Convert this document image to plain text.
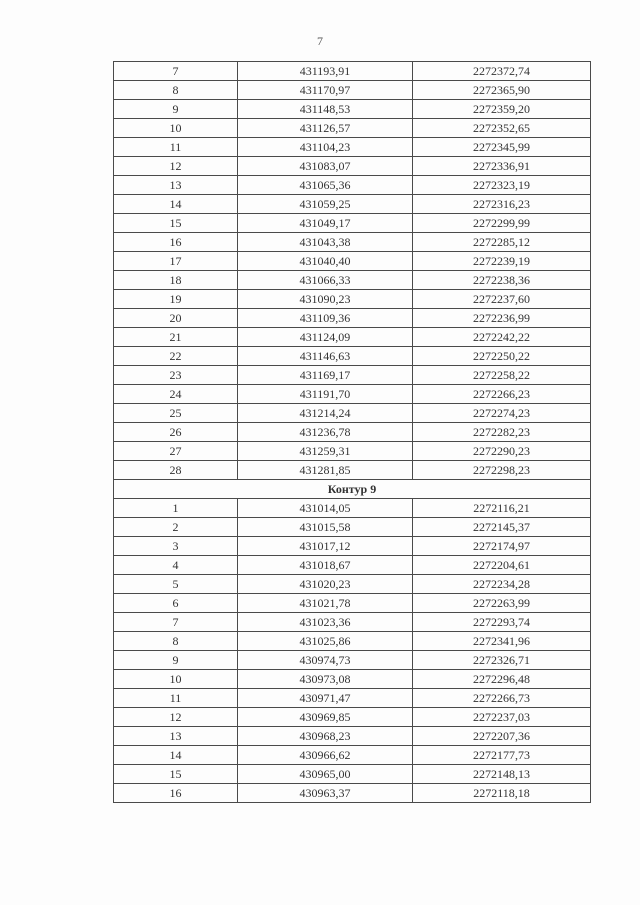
7
7	431193,91	2272372,74
8	431170,97	2272365,90
9	431148,53	2272359,20
10	431126,57	2272352,65
11	431104,23	2272345,99
12	431083,07	2272336,91
13	431065,36	2272323,19
14	431059,25	2272316,23
15	431049,17	2272299,99
16	431043,38	2272285,12
17	431040,40	2272239,19
18	431066,33	2272238,36
19	431090,23	2272237,60
20	431109,36	2272236,99
21	431124,09	2272242,22
22	431146,63	2272250,22
23	431169,17	2272258,22
24	431191,70	2272266,23
25	431214,24	2272274,23
26	431236,78	2272282,23
27	431259,31	2272290,23
28	431281,85	2272298,23
Контур 9		
1	431014,05	2272116,21
2	431015,58	2272145,37
3	431017,12	2272174,97
4	431018,67	2272204,61
5	431020,23	2272234,28
6	431021,78	2272263,99
7	431023,36	2272293,74
8	431025,86	2272341,96
9	430974,73	2272326,71
10	430973,08	2272296,48
11	430971,47	2272266,73
12	430969,85	2272237,03
13	430968,23	2272207,36
14	430966,62	2272177,73
15	430965,00	2272148,13
16	430963,37	2272118,18
